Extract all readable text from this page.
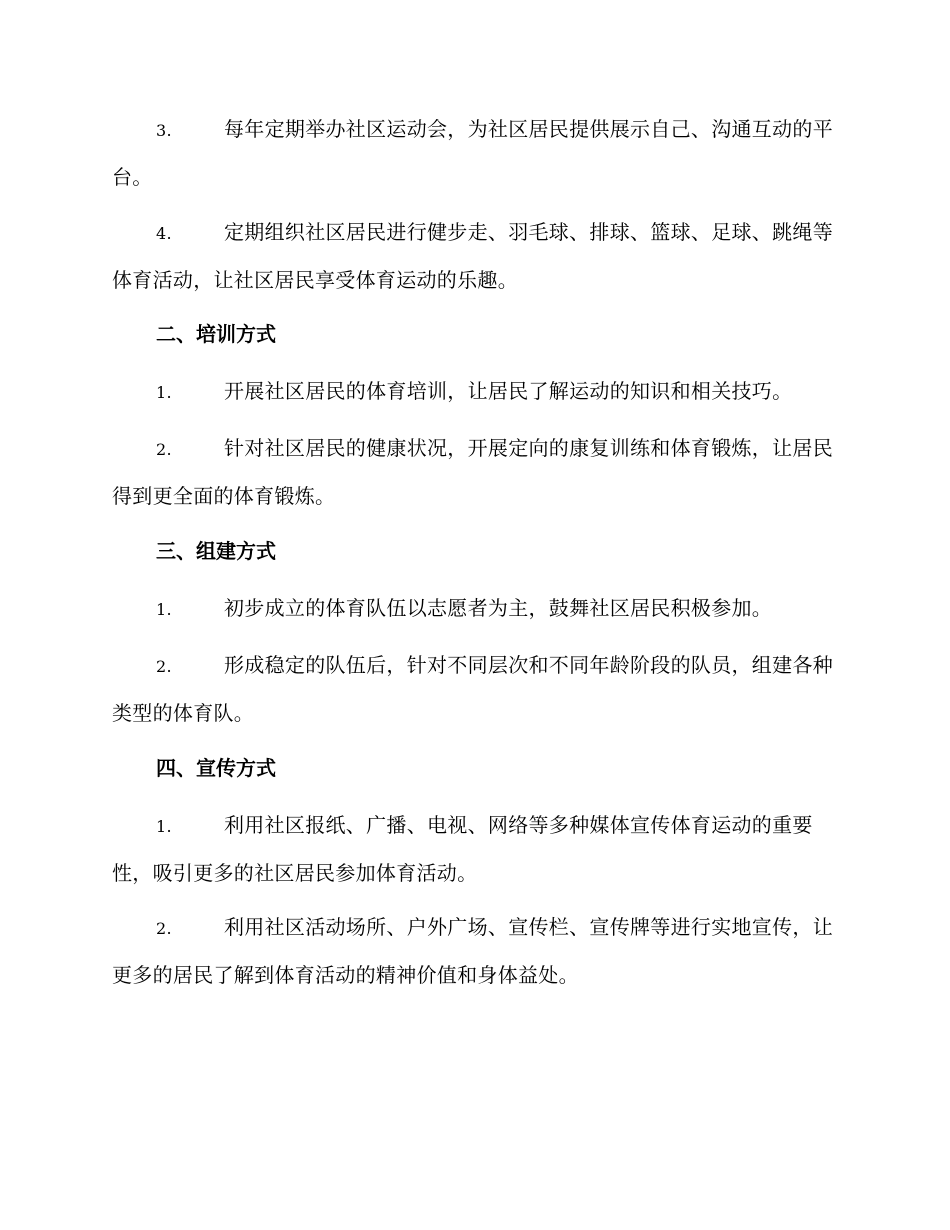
3.	每年定期举办社区运动会，为社区居民提供展示自己、沟通互动的平台。

4.	定期组织社区居民进行健步走、羽毛球、排球、篮球、足球、跳绳等体育活动，让社区居民享受体育运动的乐趣。

二、培训方式

1.	开展社区居民的体育培训，让居民了解运动的知识和相关技巧。

2.	针对社区居民的健康状况，开展定向的康复训练和体育锻炼，让居民得到更全面的体育锻炼。

三、组建方式

1.	初步成立的体育队伍以志愿者为主，鼓舞社区居民积极参加。

2.	形成稳定的队伍后，针对不同层次和不同年龄阶段的队员，组建各种类型的体育队。

四、宣传方式

1.	利用社区报纸、广播、电视、网络等多种媒体宣传体育运动的重要性，吸引更多的社区居民参加体育活动。

2.	利用社区活动场所、户外广场、宣传栏、宣传牌等进行实地宣传，让更多的居民了解到体育活动的精神价值和身体益处。
